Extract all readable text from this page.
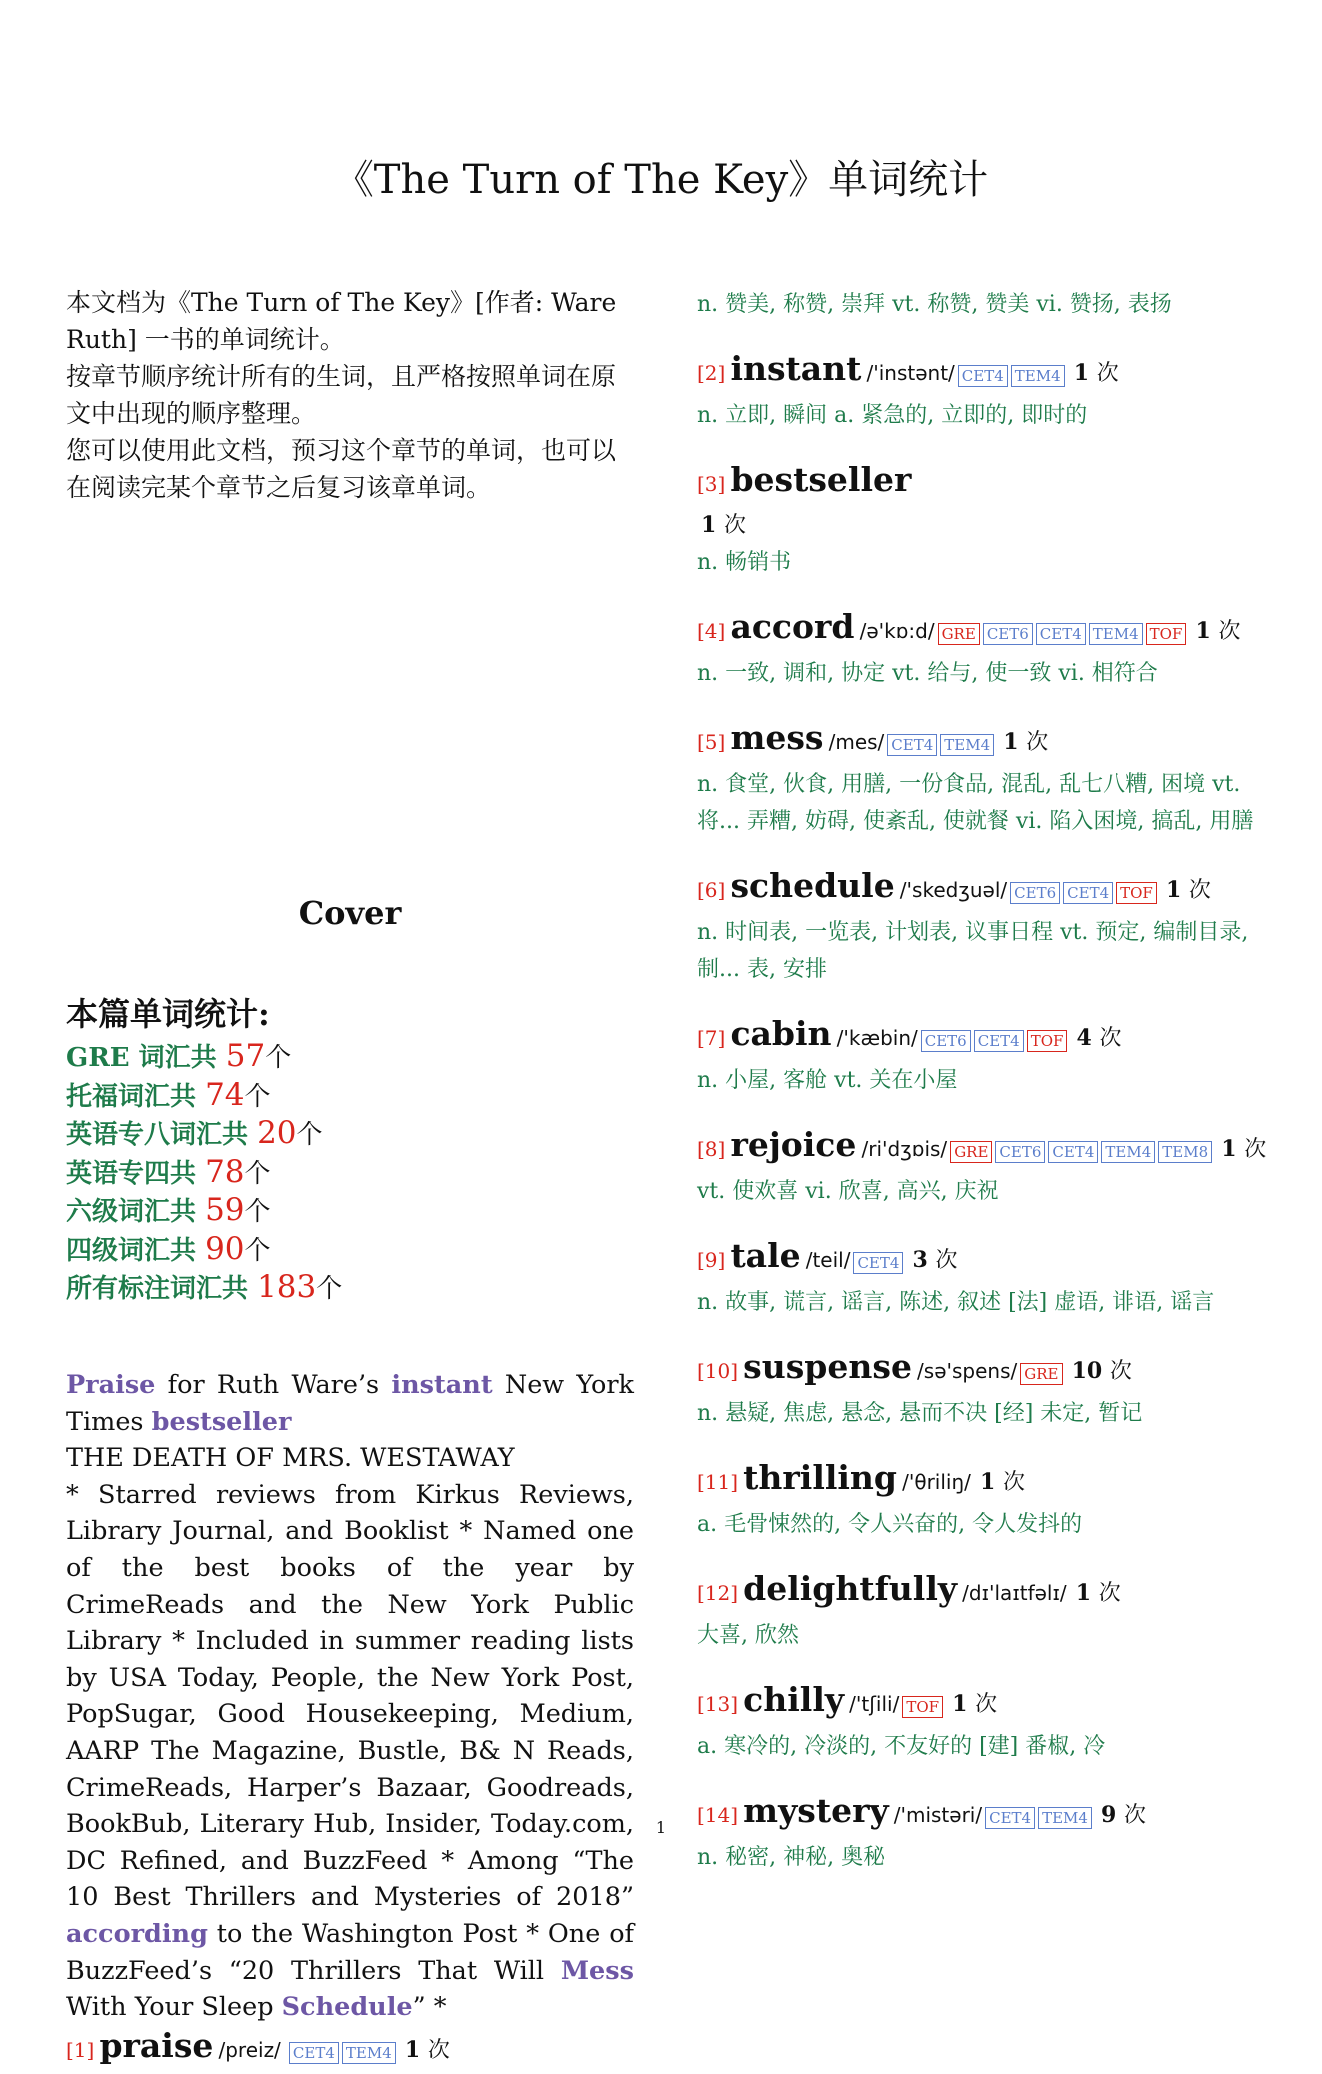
《The Turn of The Key》单词统计

本文档为《The Turn of The Key》[作者: Ware Ruth] 一书的单词统计。

按章节顺序统计所有的生词，且严格按照单词在原文中出现的顺序整理。

您可以使用此文档，预习这个章节的单词，也可以在阅读完某个章节之后复习该章单词。

Cover
本篇单词统计:
GRE 词汇共 57个
托福词汇共 74个
英语专八词汇共 20个
英语专四共 78个
六级词汇共 59个
四级词汇共 90个
所有标注词汇共 183个

Praise for Ruth Ware’s instant New York Times bestseller

THE DEATH OF MRS. WESTAWAY

* Starred reviews from Kirkus Reviews, Library Journal, and Booklist * Named one of the best books of the year by CrimeReads and the New York Public Library * Included in summer reading lists by USA Today, People, the New York Post, PopSugar, Good Housekeeping, Medium, AARP The Magazine, Bustle, B& N Reads, CrimeReads, Harper’s Bazaar, Goodreads, BookBub, Literary Hub, Insider, Today.com, DC Refined, and BuzzFeed * Among “The 10 Best Thrillers and Mysteries of 2018” according to the Washington Post * One of BuzzFeed’s “20 Thrillers That Will Mess With Your Sleep Schedule” *

[1] praise /preiz/ CET4 TEM4 1 次

n. 赞美, 称赞, 崇拜 vt. 称赞, 赞美 vi. 赞扬, 表扬

[2] instant /'instənt/ CET4 TEM4 1 次

n. 立即, 瞬间 a. 紧急的, 立即的, 即时的

[3] bestseller
1 次

n. 畅销书

[4] accord /ə'kɒ:d/ GRE CET6 CET4 TEM4 TOF 1 次

n. 一致, 调和, 协定 vt. 给与, 使一致 vi. 相符合

[5] mess /mes/ CET4 TEM4 1 次

n. 食堂, 伙食, 用膳, 一份食品, 混乱, 乱七八糟, 困境 vt. 将... 弄糟, 妨碍, 使紊乱, 使就餐 vi. 陷入困境, 搞乱, 用膳

[6] schedule /'skedʒuəl/ CET6 CET4 TOF 1 次

n. 时间表, 一览表, 计划表, 议事日程 vt. 预定, 编制目录, 制... 表, 安排

[7] cabin /'kæbin/ CET6 CET4 TOF 4 次

n. 小屋, 客舱 vt. 关在小屋

[8] rejoice /ri'dʒɒis/ GRE CET6 CET4 TEM4 TEM8 1 次

vt. 使欢喜 vi. 欣喜, 高兴, 庆祝

[9] tale /teil/ CET4 3 次

n. 故事, 谎言, 谣言, 陈述, 叙述 [法] 虚语, 诽语, 谣言

[10] suspense /sə'spens/ GRE 10 次

n. 悬疑, 焦虑, 悬念, 悬而不决 [经] 未定, 暂记

[11] thrilling /'θriliŋ/ 1 次

a. 毛骨悚然的, 令人兴奋的, 令人发抖的

[12] delightfully /dɪ'laɪtfəlɪ/ 1 次

大喜, 欣然

[13] chilly /'tʃili/ TOF 1 次

a. 寒冷的, 冷淡的, 不友好的 [建] 番椒, 冷

[14] mystery /'mistəri/ CET4 TEM4 9 次

n. 秘密, 神秘, 奥秘

1
